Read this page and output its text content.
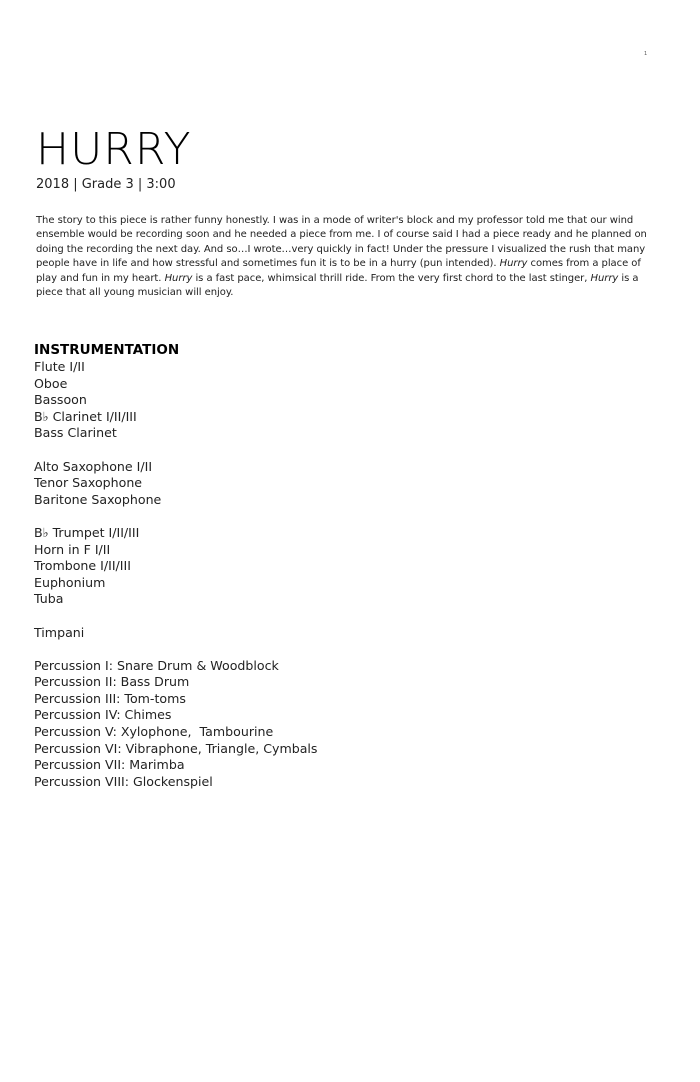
1
HURRY
2018 | Grade 3 | 3:00

The story to this piece is rather funny honestly. I was in a mode of writer's block and my professor told me that our wind ensemble would be recording soon and he needed a piece from me. I of course said I had a piece ready and he planned on doing the recording the next day. And so…I wrote…very quickly in fact! Under the pressure I visualized the rush that many people have in life and how stressful and sometimes fun it is to be in a hurry (pun intended). Hurry comes from a place of play and fun in my heart. Hurry is a fast pace, whimsical thrill ride. From the very first chord to the last stinger, Hurry is a piece that all young musician will enjoy.

INSTRUMENTATION
Flute I/II
Oboe
Bassoon
B♭ Clarinet I/II/III
Bass Clarinet
Alto Saxophone I/II
Tenor Saxophone
Baritone Saxophone
B♭ Trumpet I/II/III
Horn in F I/II
Trombone I/II/III
Euphonium
Tuba
Timpani
Percussion I: Snare Drum & Woodblock
Percussion II: Bass Drum
Percussion III: Tom-toms
Percussion IV: Chimes
Percussion V: Xylophone,  Tambourine
Percussion VI: Vibraphone, Triangle, Cymbals
Percussion VII: Marimba
Percussion VIII: Glockenspiel
